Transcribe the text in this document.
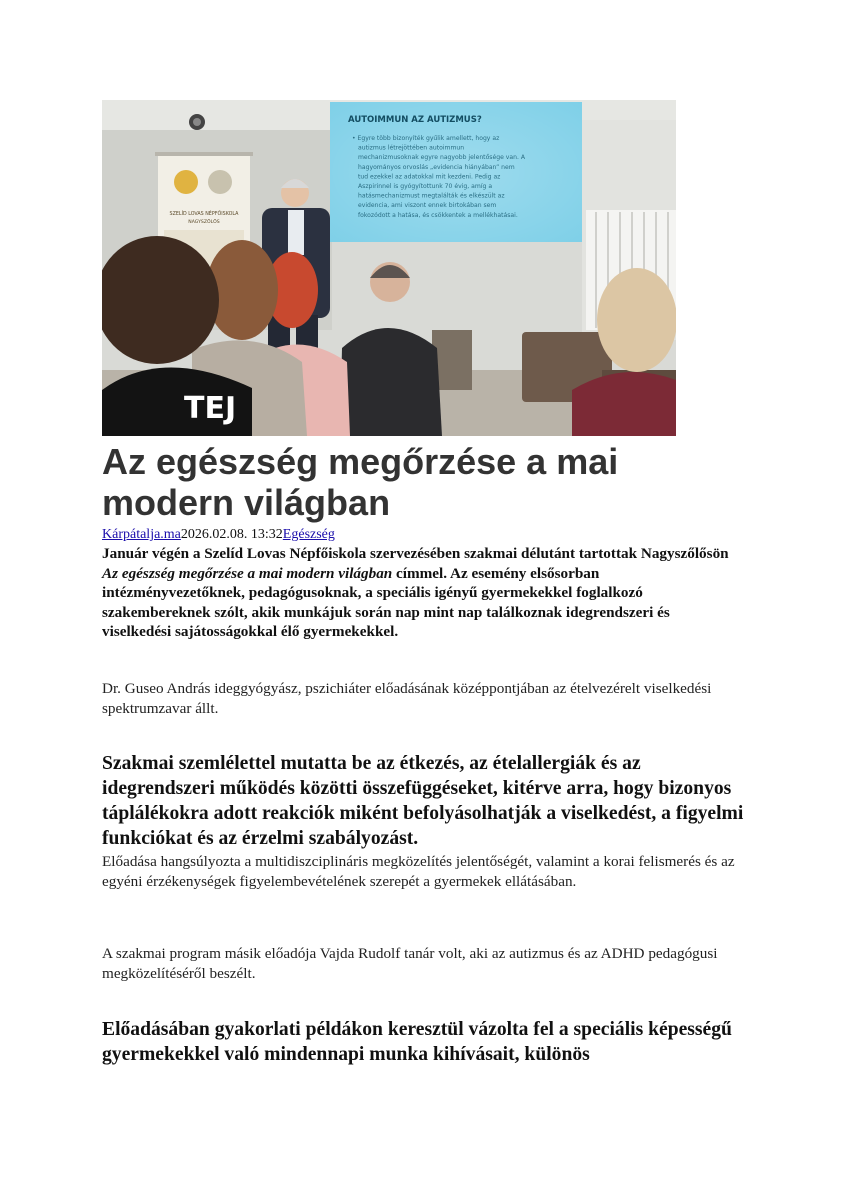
AUTOIMMUN AZ AUTIZMUS?
• Egyre több bizonyíték gyűlik amellett, hogy az
autizmus létrejöttében autoimmun
mechanizmusoknak egyre nagyobb jelentősége van. A
hagyományos orvoslás „evidencia hiányában” nem
tud ezekkel az adatokkal mit kezdeni. Pedig az
Aszpirinnel is gyógyítottunk 70 évig, amíg a
hatásmechanizmust megtalálták és elkészült az
evidencia, ami viszont ennek birtokában sem
fokozódott a hatása, és csökkentek a mellékhatásai.
SZELÍD LOVAS NÉPFŐISKOLA
NAGYSZŐLŐS
TEJ
Az egészség megőrzése a mai modern világban

Kárpátalja.ma2026.02.08. 13:32Egészség

Január végén a Szelíd Lovas Népfőiskola szervezésében szakmai délutánt tartottak Nagyszőlősön Az egészség megőrzése a mai modern világban címmel. Az esemény elsősorban intézményvezetőknek, pedagógusoknak, a speciális igényű gyermekekkel foglalkozó szakembereknek szólt, akik munkájuk során nap mint nap találkoznak idegrendszeri és viselkedési sajátosságokkal élő gyermekekkel.

Dr. Guseo András ideggyógyász, pszichiáter előadásának középpontjában az ételvezérelt viselkedési spektrumzavar állt.

Szakmai szemlélettel mutatta be az étkezés, az ételallergiák és az idegrendszeri működés közötti összefüggéseket, kitérve arra, hogy bizonyos táplálékokra adott reakciók miként befolyásolhatják a viselkedést, a figyelmi funkciókat és az érzelmi szabályozást.

Előadása hangsúlyozta a multidiszciplináris megközelítés jelentőségét, valamint a korai felismerés és az egyéni érzékenységek figyelembevételének szerepét a gyermekek ellátásában.

A szakmai program másik előadója Vajda Rudolf tanár volt, aki az autizmus és az ADHD pedagógusi megközelítéséről beszélt.

Előadásában gyakorlati példákon keresztül vázolta fel a speciális képességű gyermekekkel való mindennapi munka kihívásait, különös
